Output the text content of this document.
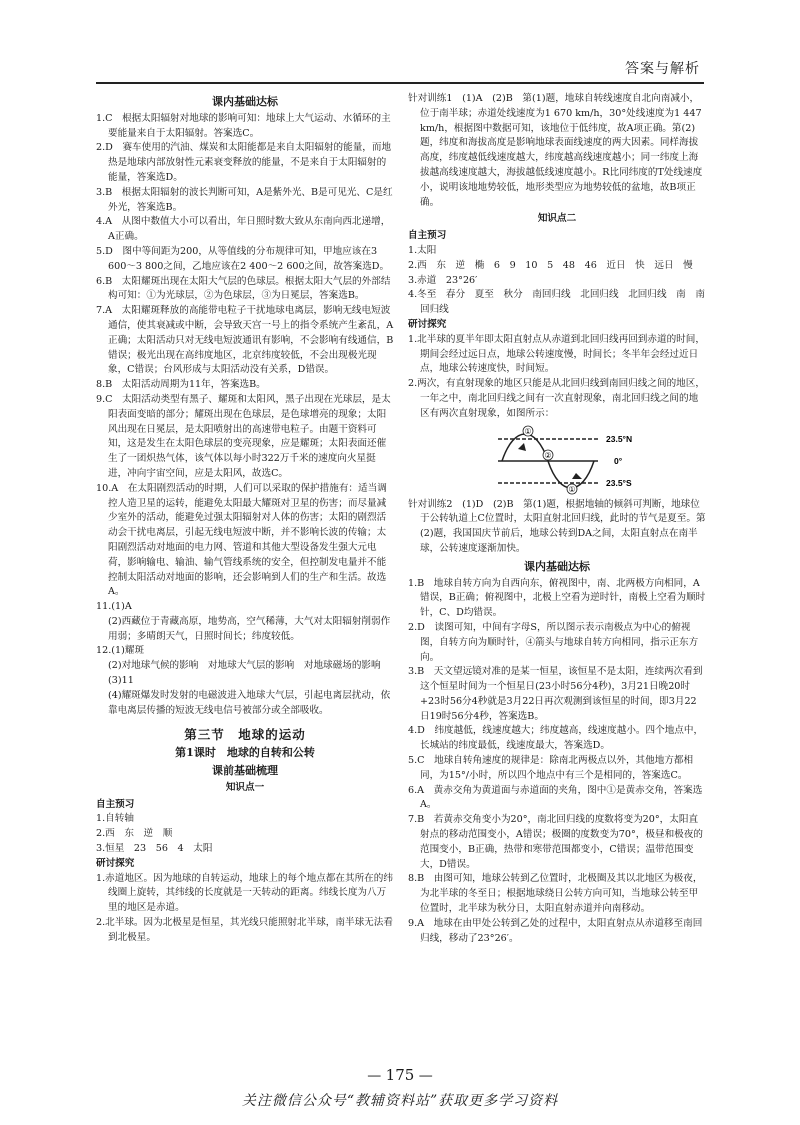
答案与解析
课内基础达标

1.C　根据太阳辐射对地球的影响可知：地球上大气运动、水循环的主要能量来自于太阳辐射。答案选C。

2.D　赛车使用的汽油、煤炭和太阳能都是来自太阳辐射的能量，而地热是地球内部放射性元素衰变释放的能量，不是来自于太阳辐射的能量，答案选D。

3.B　根据太阳辐射的波长判断可知，A是紫外光、B是可见光、C是红外光，答案选B。

4.A　从图中数值大小可以看出，年日照时数大致从东南向西北递增，A正确。

5.D　图中等间距为200，从等值线的分布规律可知，甲地应该在3 600～3 800之间，乙地应该在2 400～2 600之间，故答案选D。

6.B　太阳耀斑出现在太阳大气层的色球层。根据太阳大气层的外部结构可知：①为光球层，②为色球层，③为日冕层，答案选B。

7.A　太阳耀斑释放的高能带电粒子干扰地球电离层，影响无线电短波通信，使其衰减或中断，会导致天宫一号上的指令系统产生紊乱，A正确；太阳活动只对无线电短波通讯有影响，不会影响有线通信，B错误；极光出现在高纬度地区，北京纬度较低，不会出现极光现象，C错误；台风形成与太阳活动没有关系，D错误。

8.B　太阳活动周期为11年，答案选B。

9.C　太阳活动类型有黑子、耀斑和太阳风，黑子出现在光球层，是太阳表面变暗的部分；耀斑出现在色球层，是色球增亮的现象；太阳风出现在日冕层，是太阳喷射出的高速带电粒子。由题干资料可知，这是发生在太阳色球层的变亮现象，应是耀斑；太阳表面还催生了一团炽热气体，该气体以每小时322万千米的速度向火星挺进，冲向宇宙空间，应是太阳风，故选C。

10.A　在太阳剧烈活动的时期，人们可以采取的保护措施有：适当调控人造卫星的运转，能避免太阳最大耀斑对卫星的伤害；而尽量减少室外的活动，能避免过强太阳辐射对人体的伤害；太阳的剧烈活动会干扰电离层，引起无线电短波中断，并不影响长波的传输；太阳剧烈活动对地面的电力网、管道和其他大型设备发生强大元电荷，影响输电、输油、输气管线系统的安全，但控制发电量并不能控制太阳活动对地面的影响，还会影响到人们的生产和生活。故选A。

11.(1)A

(2)西藏位于青藏高原，地势高，空气稀薄，大气对太阳辐射削弱作用弱；多晴朗天气，日照时间长；纬度较低。

12.(1)耀斑

(2)对地球气候的影响　对地球大气层的影响　对地球磁场的影响

(3)11

(4)耀斑爆发时发射的电磁波进入地球大气层，引起电离层扰动，依靠电离层传播的短波无线电信号被部分或全部吸收。

第三节　地球的运动
第1课时　地球的自转和公转
课前基础梳理
知识点一

自主预习

1.自转轴

2.西　东　逆　顺

3.恒星　23　56　4　太阳

研讨探究

1.赤道地区。因为地球的自转运动，地球上的每个地点都在其所在的纬线圈上旋转，其纬线的长度就是一天转动的距离。纬线长度为八万里的地区是赤道。

2.北半球。因为北极星是恒星，其光线只能照射北半球，南半球无法看到北极星。

针对训练1　(1)A　(2)B　第(1)题，地球自转线速度自北向南减小，位于南半球；赤道处线速度为1 670 km/h，30°处线速度为1 447 km/h，根据图中数据可知，该地位于低纬度，故A项正确。第(2)题，纬度和海拔高度是影响地球表面线速度的两大因素。同样海拔高度，纬度越低线速度越大，纬度越高线速度越小；同一纬度上海拔越高线速度越大，海拔越低线速度越小。R比同纬度的T处线速度小，说明该地地势较低，地形类型应为地势较低的盆地，故B项正确。

知识点二

自主预习

1.太阳

2.西　东　逆　椭　6　9　10　5　48　46　近日　快　远日　慢

3.赤道　23°26′

4.冬至　春分　夏至　秋分　南回归线　北回归线　北回归线　南　南回归线

研讨探究

1.北半球的夏半年即太阳直射点从赤道到北回归线再回到赤道的时间，期间会经过远日点，地球公转速度慢，时间长；冬半年会经过近日点，地球公转速度快，时间短。

2.两次，有直射现象的地区只能是从北回归线到南回归线之间的地区，一年之中，南北回归线之间有一次直射现象，南北回归线之间的地区有两次直射现象，如图所示：

①
②
①
23.5°N
0°
23.5°S

针对训练2　(1)D　(2)B　第(1)题，根据地轴的倾斜可判断，地球位于公转轨道上C位置时，太阳直射北回归线，此时的节气是夏至。第(2)题，我国国庆节前后，地球公转到DA之间，太阳直射点在南半球，公转速度逐渐加快。

课内基础达标

1.B　地球自转方向为自西向东，俯视图中，南、北两极方向相同，A错误，B正确；俯视图中，北极上空看为逆时针，南极上空看为顺时针，C、D均错误。

2.D　读图可知，中间有字母S，所以图示表示南极点为中心的俯视图，自转方向为顺时针，④箭头与地球自转方向相同，指示正东方向。

3.B　天文望远镜对准的是某一恒星，该恒星不是太阳，连续两次看到这个恒星时间为一个恒星日(23小时56分4秒)，3月21日晚20时+23时56分4秒就是3月22日再次观测到该恒星的时间，即3月22日19时56分4秒，答案选B。

4.D　纬度越低，线速度越大；纬度越高，线速度越小。四个地点中，长城站的纬度最低，线速度最大，答案选D。

5.C　地球自转角速度的规律是：除南北两极点以外，其他地方都相同，为15°/小时，所以四个地点中有三个是相同的，答案选C。

6.A　黄赤交角为黄道面与赤道面的夹角，图中①是黄赤交角，答案选A。

7.B　若黄赤交角变小为20°，南北回归线的度数将变为20°，太阳直射点的移动范围变小，A错误；极圈的度数变为70°，极昼和极夜的范围变小，B正确，热带和寒带范围都变小，C错误；温带范围变大，D错误。

8.B　由图可知，地球公转到乙位置时，北极圈及其以北地区为极夜，为北半球的冬至日；根据地球绕日公转方向可知，当地球公转至甲位置时，北半球为秋分日，太阳直射赤道并向南移动。

9.A　地球在由甲处公转到乙处的过程中，太阳直射点从赤道移至南回归线，移动了23°26′。

— 175 —
关注微信公众号“教辅资料站”获取更多学习资料
